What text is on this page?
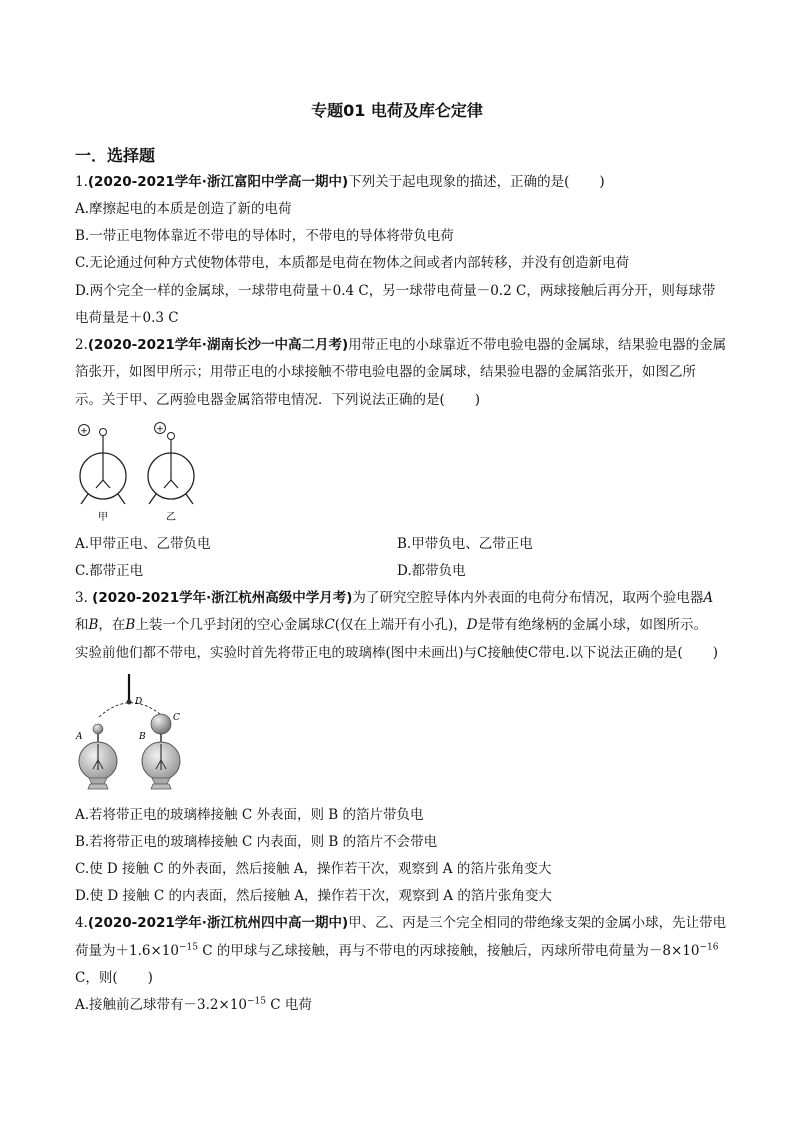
专题01 电荷及库仑定律
一．选择题
1.(2020-2021学年·浙江富阳中学高一期中)下列关于起电现象的描述，正确的是( )
A.摩擦起电的本质是创造了新的电荷
B.一带正电物体靠近不带电的导体时，不带电的导体将带负电荷
C.无论通过何种方式使物体带电，本质都是电荷在物体之间或者内部转移，并没有创造新电荷
D.两个完全一样的金属球，一球带电荷量＋0.4 C，另一球带电荷量－0.2 C，两球接触后再分开，则每球带
电荷量是＋0.3 C
2.(2020-2021学年·湖南长沙一中高二月考)用带正电的小球靠近不带电验电器的金属球，结果验电器的金属
箔张开，如图甲所示；用带正电的小球接触不带电验电器的金属球，结果验电器的金属箔张开，如图乙所
示。关于甲、乙两验电器金属箔带电情况．下列说法正确的是( )
+
甲
+
乙
A.甲带正电、乙带负电	B.甲带负电、乙带正电
C.都带正电	D.都带负电
3. (2020-2021学年·浙江杭州高级中学月考)为了研究空腔导体内外表面的电荷分布情况，取两个验电器A
和B，在B上装一个几乎封闭的空心金属球C(仅在上端开有小孔)，D是带有绝缘柄的金属小球，如图所示。
实验前他们都不带电，实验时首先将带正电的玻璃棒(图中未画出)与C接触使C带电.以下说法正确的是( )
D
A	B
C
A.若将带正电的玻璃棒接触 C 外表面，则 B 的箔片带负电
B.若将带正电的玻璃棒接触 C 内表面，则 B 的箔片不会带电
C.使 D 接触 C 的外表面，然后接触 A，操作若干次，观察到 A 的箔片张角变大
D.使 D 接触 C 的内表面，然后接触 A，操作若干次，观察到 A 的箔片张角变大
4.(2020-2021学年·浙江杭州四中高一期中)甲、乙、丙是三个完全相同的带绝缘支架的金属小球，先让带电
荷量为$+1.6\times 10^{-15}$ C 的甲球与乙球接触，再与不带电的丙球接触，接触后，丙球所带电荷量为$-8\times 10^{-16}$
C，则( )
A.接触前乙球带有$-3.2\times 10^{-15}$ C 电荷
